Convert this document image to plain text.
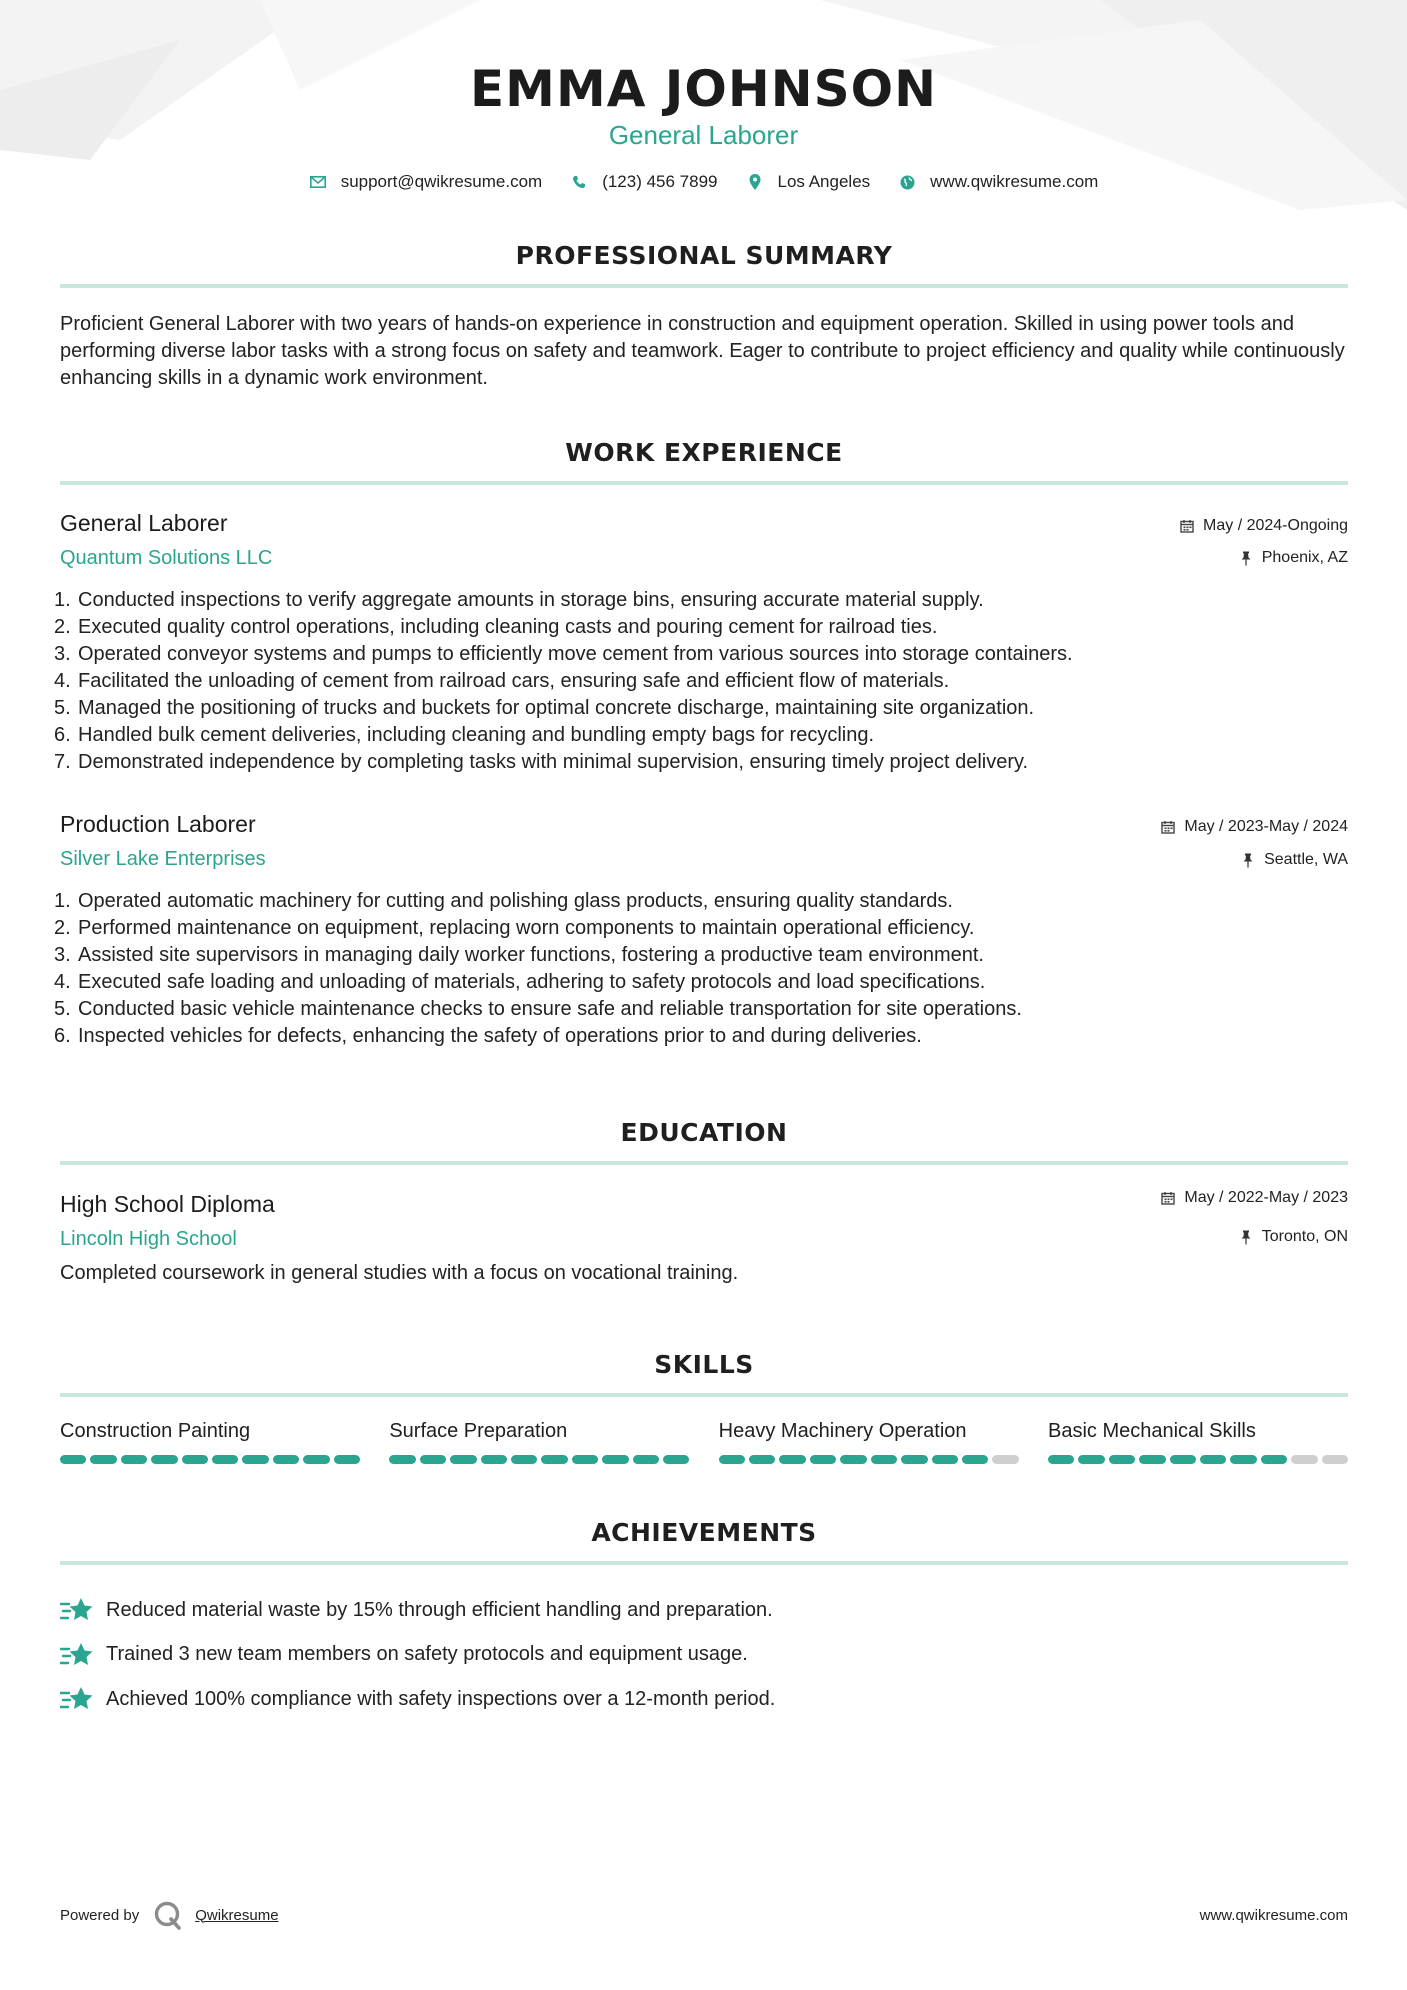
EMMA JOHNSON
General Laborer
support@qwikresume.com	(123) 456 7899	Los Angeles	www.qwikresume.com
PROFESSIONAL SUMMARY
Proficient General Laborer with two years of hands-on experience in construction and equipment operation. Skilled in using power tools and performing diverse labor tasks with a strong focus on safety and teamwork. Eager to contribute to project efficiency and quality while continuously enhancing skills in a dynamic work environment.
WORK EXPERIENCE
General Laborer	May / 2024-Ongoing
Quantum Solutions LLC	Phoenix, AZ
1. Conducted inspections to verify aggregate amounts in storage bins, ensuring accurate material supply.
2. Executed quality control operations, including cleaning casts and pouring cement for railroad ties.
3. Operated conveyor systems and pumps to efficiently move cement from various sources into storage containers.
4. Facilitated the unloading of cement from railroad cars, ensuring safe and efficient flow of materials.
5. Managed the positioning of trucks and buckets for optimal concrete discharge, maintaining site organization.
6. Handled bulk cement deliveries, including cleaning and bundling empty bags for recycling.
7. Demonstrated independence by completing tasks with minimal supervision, ensuring timely project delivery.
Production Laborer	May / 2023-May / 2024
Silver Lake Enterprises	Seattle, WA
1. Operated automatic machinery for cutting and polishing glass products, ensuring quality standards.
2. Performed maintenance on equipment, replacing worn components to maintain operational efficiency.
3. Assisted site supervisors in managing daily worker functions, fostering a productive team environment.
4. Executed safe loading and unloading of materials, adhering to safety protocols and load specifications.
5. Conducted basic vehicle maintenance checks to ensure safe and reliable transportation for site operations.
6. Inspected vehicles for defects, enhancing the safety of operations prior to and during deliveries.
EDUCATION
High School Diploma	May / 2022-May / 2023
Lincoln High School	Toronto, ON
Completed coursework in general studies with a focus on vocational training.
SKILLS
Construction Painting	Surface Preparation	Heavy Machinery Operation	Basic Mechanical Skills
ACHIEVEMENTS
Reduced material waste by 15% through efficient handling and preparation.
Trained 3 new team members on safety protocols and equipment usage.
Achieved 100% compliance with safety inspections over a 12-month period.
Powered by	Qwikresume	www.qwikresume.com
